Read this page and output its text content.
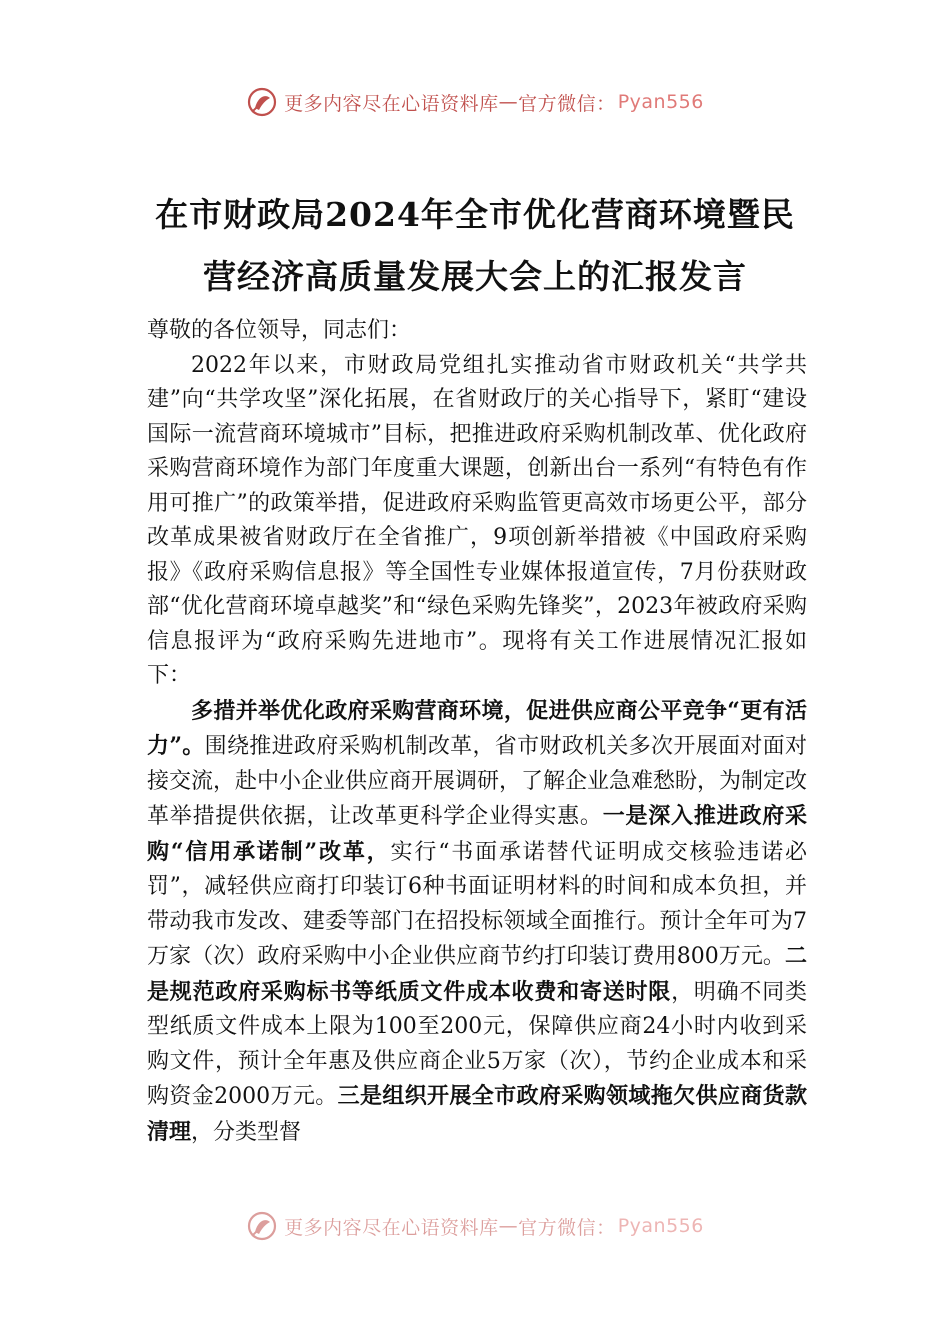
更多内容尽在心语资料库 — 官方微信： Pyan556
在市财政局2024年全市优化营商环境暨民
营经济高质量发展大会上的汇报发言

尊敬的各位领导，同志们：

2022年以来，市财政局党组扎实推动省市财政机关“共学共建”向“共学攻坚”深化拓展，在省财政厅的关心指导下，紧盯“建设国际一流营商环境城市”目标，把推进政府采购机制改革、优化政府采购营商环境作为部门年度重大课题，创新出台一系列“有特色有作用可推广”的政策举措，促进政府采购监管更高效市场更公平，部分改革成果被省财政厅在全省推广，9项创新举措被《中国政府采购报》《政府采购信息报》等全国性专业媒体报道宣传，7月份获财政部“优化营商环境卓越奖”和“绿色采购先锋奖”，2023年被政府采购信息报评为“政府采购先进地市”。现将有关工作进展情况汇报如下：

多措并举优化政府采购营商环境，促进供应商公平竞争“更有活力”。围绕推进政府采购机制改革，省市财政机关多次开展面对面对接交流，赴中小企业供应商开展调研，了解企业急难愁盼，为制定改革举措提供依据，让改革更科学企业得实惠。一是深入推进政府采购“信用承诺制”改革，实行“书面承诺替代证明成交核验违诺必罚”，减轻供应商打印装订6种书面证明材料的时间和成本负担，并带动我市发改、建委等部门在招投标领域全面推行。预计全年可为7万家（次）政府采购中小企业供应商节约打印装订费用800万元。二是规范政府采购标书等纸质文件成本收费和寄送时限，明确不同类型纸质文件成本上限为100至200元，保障供应商24小时内收到采购文件，预计全年惠及供应商企业5万家（次），节约企业成本和采购资金2000万元。三是组织开展全市政府采购领域拖欠供应商货款清理，分类型督

更多内容尽在心语资料库 — 官方微信： Pyan556
